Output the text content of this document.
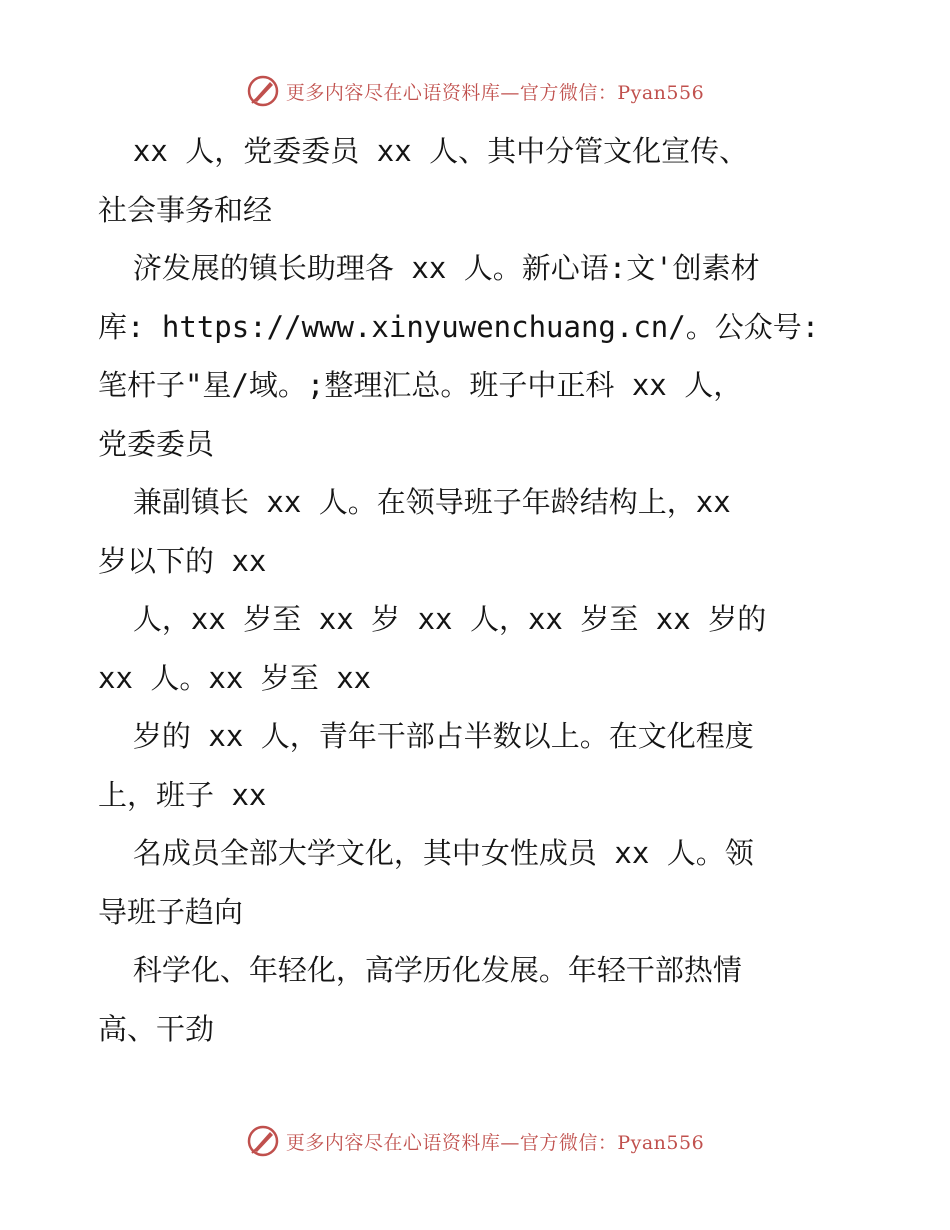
更多内容尽在心语资料库—官方微信：Pyan556
xx 人，党委委员 xx 人、其中分管文化宣传、
社会事务和经
济发展的镇长助理各 xx 人。新心语:文'创素材
库: https://www.xinyuwenchuang.cn/。公众号:
笔杆子"星/域。;整理汇总。班子中正科 xx 人，
党委委员
兼副镇长 xx 人。在领导班子年龄结构上，xx
岁以下的 xx
人，xx 岁至 xx 岁 xx 人，xx 岁至 xx 岁的
xx 人。xx 岁至 xx
岁的 xx 人，青年干部占半数以上。在文化程度
上，班子 xx
名成员全部大学文化，其中女性成员 xx 人。领
导班子趋向
科学化、年轻化，高学历化发展。年轻干部热情
高、干劲
更多内容尽在心语资料库—官方微信：Pyan556
